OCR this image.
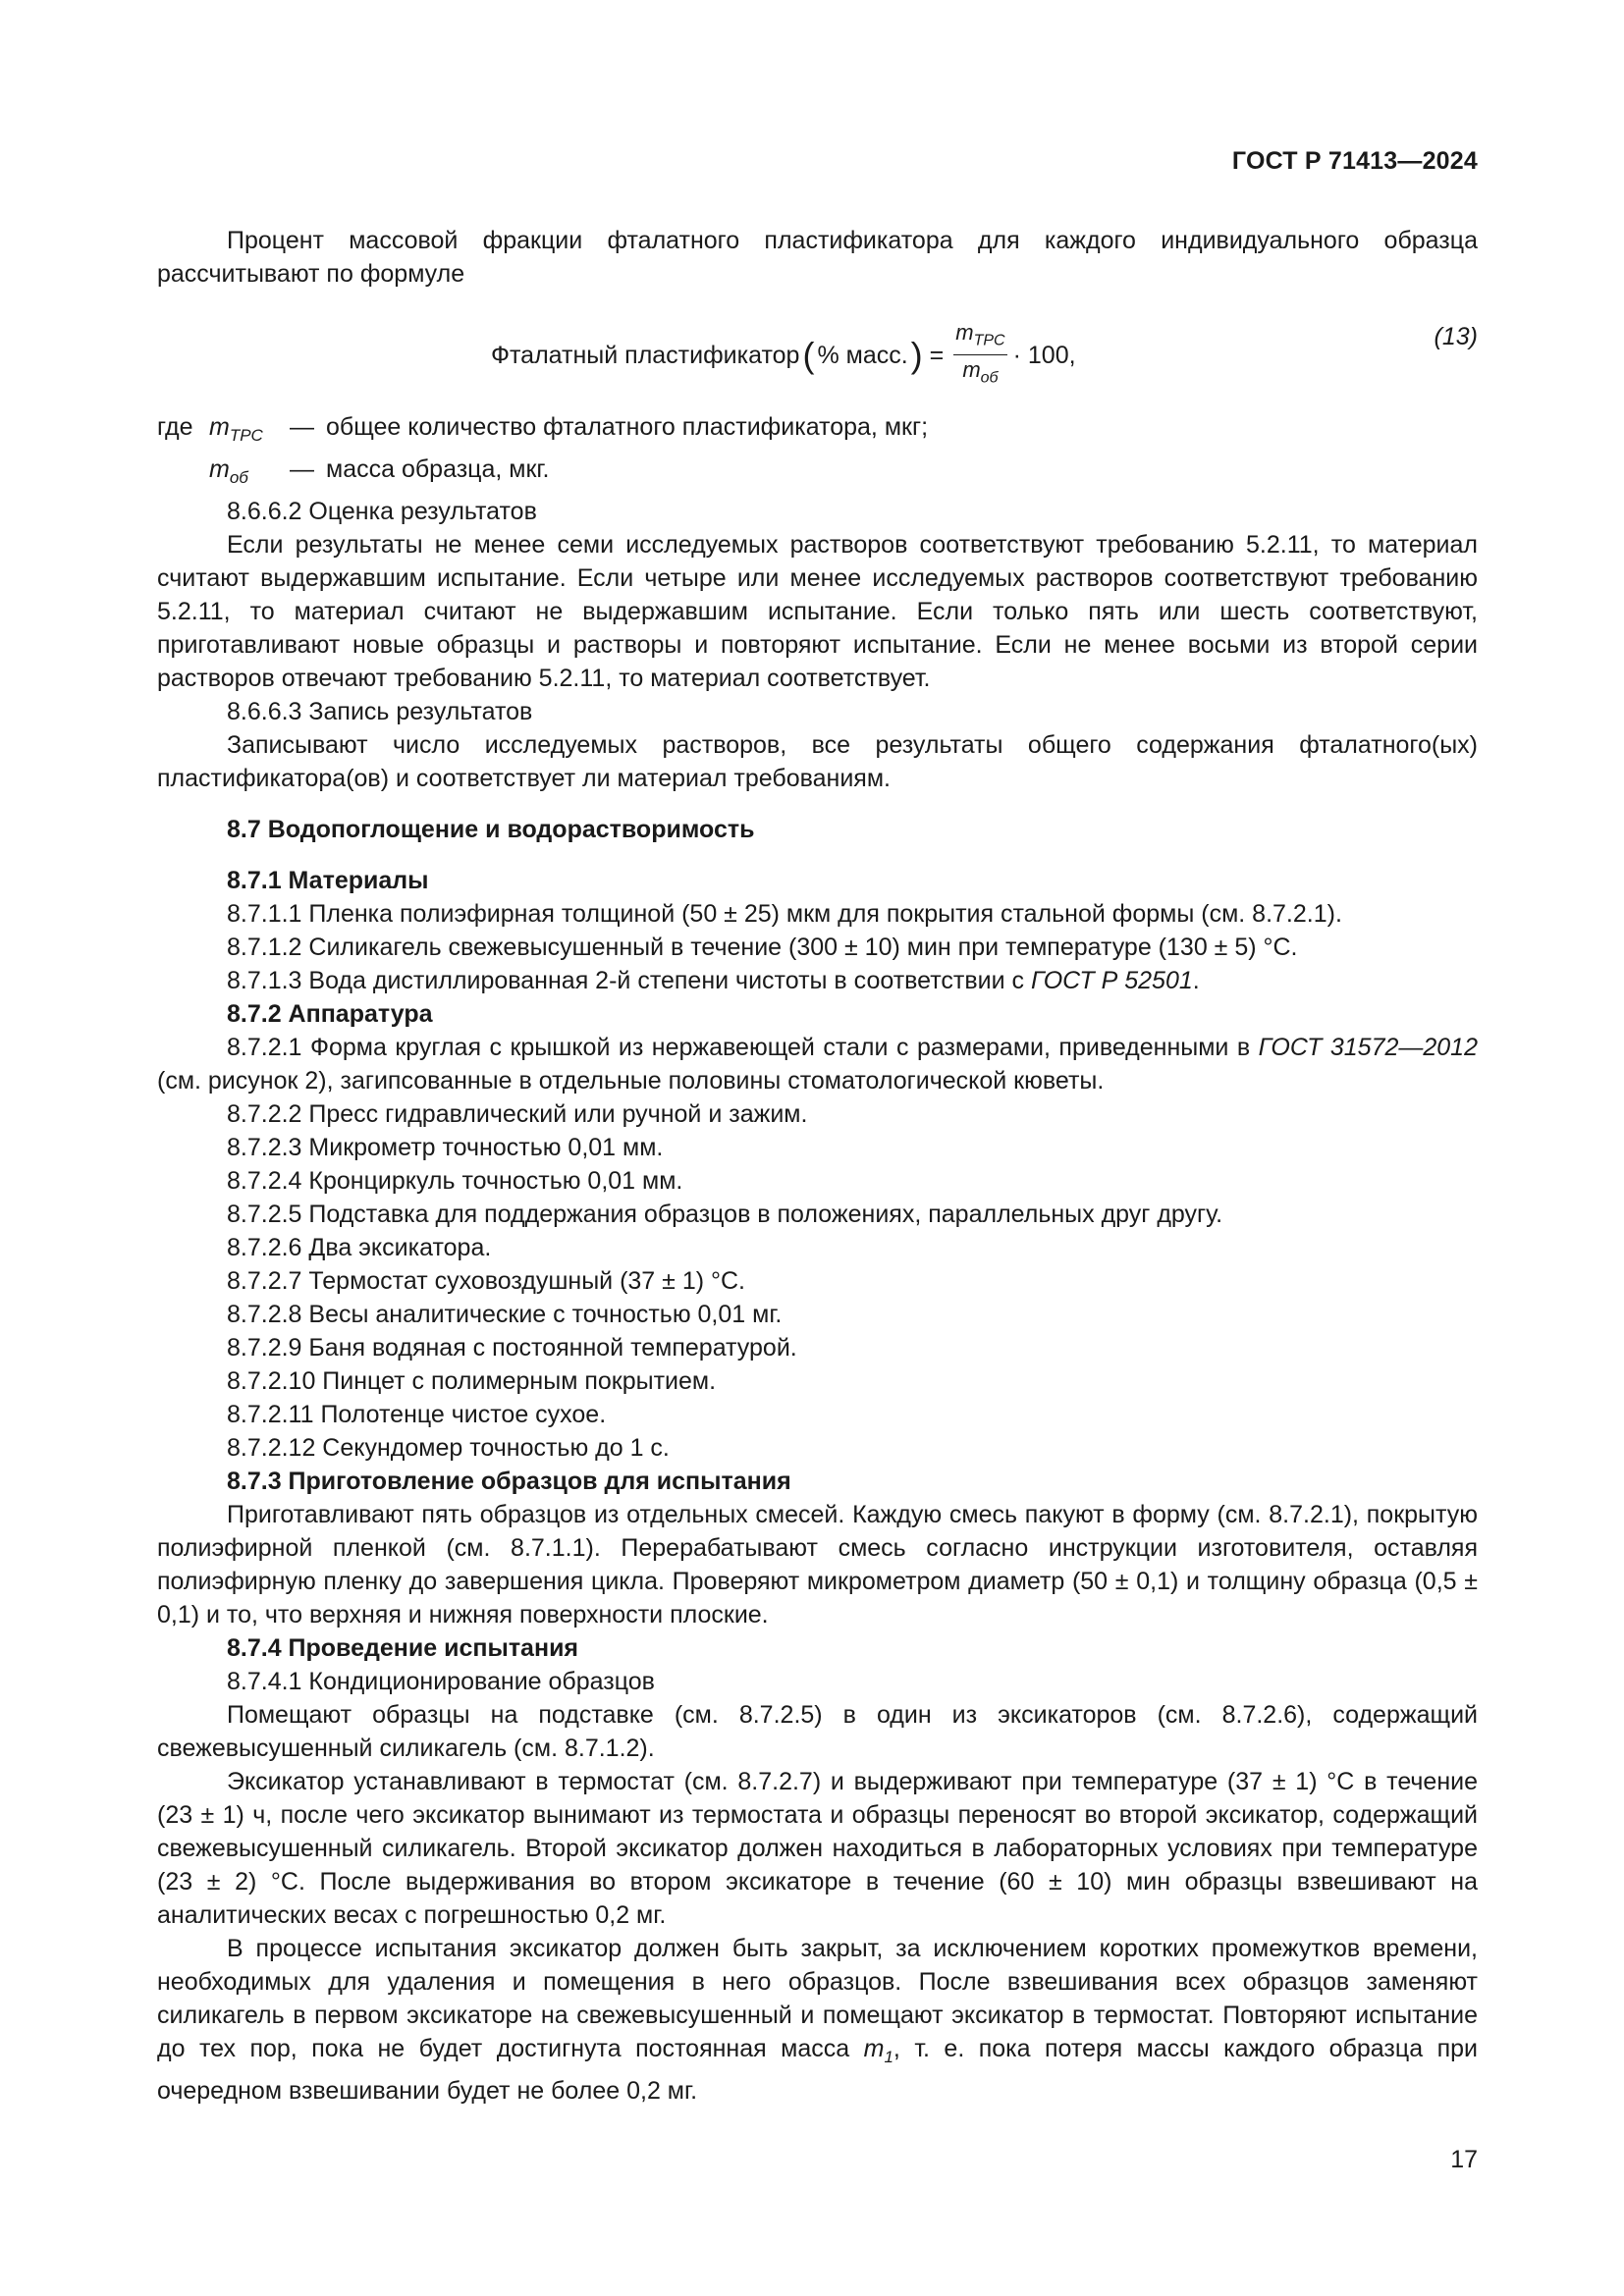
ГОСТ Р 71413—2024

Процент массовой фракции фталатного пластификатора для каждого индивидуального образца рассчитывают по формуле

Фталатный пластификатор ( % масс. ) = $\frac{m_{TPC}}{m_{об}} \cdot 100$,
(13)
где $m_{TPC}$	— общее количество фталатного пластификатора, мкг;
$m_{об}$	— масса образца, мкг.

8.6.6.2 Оценка результатов

Если результаты не менее семи исследуемых растворов соответствуют требованию 5.2.11, то материал считают выдержавшим испытание. Если четыре или менее исследуемых растворов соответствуют требованию 5.2.11, то материал считают не выдержавшим испытание. Если только пять или шесть соответствуют, приготавливают новые образцы и растворы и повторяют испытание. Если не менее восьми из второй серии растворов отвечают требованию 5.2.11, то материал соответствует.

8.6.6.3 Запись результатов

Записывают число исследуемых растворов, все результаты общего содержания фталатного(ых) пластификатора(ов) и соответствует ли материал требованиям.

8.7 Водопоглощение и водорастворимость

8.7.1 Материалы

8.7.1.1 Пленка полиэфирная толщиной (50 ± 25) мкм для покрытия стальной формы (см. 8.7.2.1).

8.7.1.2 Силикагель свежевысушенный в течение (300 ± 10) мин при температуре (130 ± 5) °С.

8.7.1.3 Вода дистиллированная 2-й степени чистоты в соответствии с ГОСТ Р 52501.

8.7.2 Аппаратура

8.7.2.1 Форма круглая с крышкой из нержавеющей стали с размерами, приведенными в ГОСТ 31572—2012 (см. рисунок 2), загипсованные в отдельные половины стоматологической кюветы.

8.7.2.2 Пресс гидравлический или ручной и зажим.

8.7.2.3 Микрометр точностью 0,01 мм.

8.7.2.4 Кронциркуль точностью 0,01 мм.

8.7.2.5 Подставка для поддержания образцов в положениях, параллельных друг другу.

8.7.2.6 Два эксикатора.

8.7.2.7 Термостат суховоздушный (37 ± 1) °С.

8.7.2.8 Весы аналитические с точностью 0,01 мг.

8.7.2.9 Баня водяная с постоянной температурой.

8.7.2.10 Пинцет с полимерным покрытием.

8.7.2.11 Полотенце чистое сухое.

8.7.2.12 Секундомер точностью до 1 с.

8.7.3 Приготовление образцов для испытания

Приготавливают пять образцов из отдельных смесей. Каждую смесь пакуют в форму (см. 8.7.2.1), покрытую полиэфирной пленкой (см. 8.7.1.1). Перерабатывают смесь согласно инструкции изготовителя, оставляя полиэфирную пленку до завершения цикла. Проверяют микрометром диаметр (50 ± 0,1) и толщину образца (0,5 ± 0,1) и то, что верхняя и нижняя поверхности плоские.

8.7.4 Проведение испытания

8.7.4.1 Кондиционирование образцов

Помещают образцы на подставке (см. 8.7.2.5) в один из эксикаторов (см. 8.7.2.6), содержащий свежевысушенный силикагель (см. 8.7.1.2).

Эксикатор устанавливают в термостат (см. 8.7.2.7) и выдерживают при температуре (37 ± 1) °С в течение (23 ± 1) ч, после чего эксикатор вынимают из термостата и образцы переносят во второй эксикатор, содержащий свежевысушенный силикагель. Второй эксикатор должен находиться в лабораторных условиях при температуре (23 ± 2) °С. После выдерживания во втором эксикаторе в течение (60 ± 10) мин образцы взвешивают на аналитических весах с погрешностью 0,2 мг.

В процессе испытания эксикатор должен быть закрыт, за исключением коротких промежутков времени, необходимых для удаления и помещения в него образцов. После взвешивания всех образцов заменяют силикагель в первом эксикаторе на свежевысушенный и помещают эксикатор в термостат. Повторяют испытание до тех пор, пока не будет достигнута постоянная масса $m_1$, т. е. пока потеря массы каждого образца при очередном взвешивании будет не более 0,2 мг.

17
